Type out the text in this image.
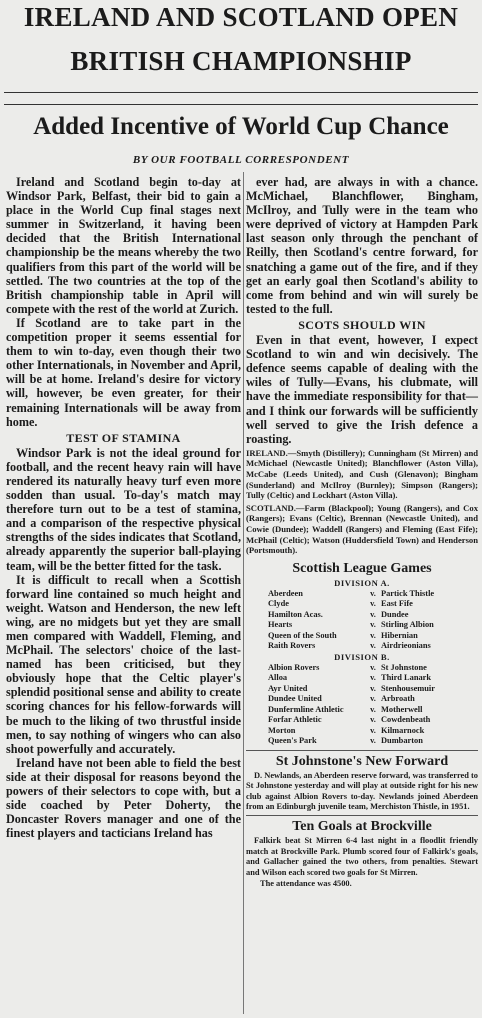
IRELAND AND SCOTLAND OPEN
BRITISH CHAMPIONSHIP
Added Incentive of World Cup Chance
BY OUR FOOTBALL CORRESPONDENT

Ireland and Scotland begin to-day at Windsor Park, Belfast, their bid to gain a place in the World Cup final stages next summer in Switzerland, it having been decided that the British International championship be the means whereby the two qualifiers from this part of the world will be settled. The two countries at the top of the British championship table in April will compete with the rest of the world at Zurich.

If Scotland are to take part in the competition proper it seems essential for them to win to-day, even though their two other Internationals, in November and April, will be at home. Ireland's desire for victory will, however, be even greater, for their remaining Internationals will be away from home.

TEST OF STAMINA

Windsor Park is not the ideal ground for football, and the recent heavy rain will have rendered its naturally heavy turf even more sodden than usual. To-day's match may therefore turn out to be a test of stamina, and a comparison of the respective physical strengths of the sides indicates that Scotland, already apparently the superior ball-playing team, will be the better fitted for the task.

It is difficult to recall when a Scottish forward line contained so much height and weight. Watson and Henderson, the new left wing, are no midgets but yet they are small men compared with Waddell, Fleming, and McPhail. The selectors' choice of the last-named has been criticised, but they obviously hope that the Celtic player's splendid positional sense and ability to create scoring chances for his fellow-forwards will be much to the liking of two thrustful inside men, to say nothing of wingers who can also shoot powerfully and accurately.

Ireland have not been able to field the best side at their disposal for reasons beyond the powers of their selectors to cope with, but a side coached by Peter Doherty, the Doncaster Rovers manager and one of the finest players and tacticians Ireland has

ever had, are always in with a chance. McMichael, Blanchflower, Bingham, McIlroy, and Tully were in the team who were deprived of victory at Hampden Park last season only through the penchant of Reilly, then Scotland's centre forward, for snatching a game out of the fire, and if they get an early goal then Scotland's ability to come from behind and win will surely be tested to the full.

SCOTS SHOULD WIN

Even in that event, however, I expect Scotland to win and win decisively. The defence seems capable of dealing with the wiles of Tully—Evans, his clubmate, will have the immediate responsibility for that—and I think our forwards will be sufficiently well served to give the Irish defence a roasting.

IRELAND.—Smyth (Distillery); Cunningham (St Mirren) and McMichael (Newcastle United); Blanchflower (Aston Villa), McCabe (Leeds United), and Cush (Glenavon); Bingham (Sunderland) and McIlroy (Burnley); Simpson (Rangers); Tully (Celtic) and Lockhart (Aston Villa).
SCOTLAND.—Farm (Blackpool); Young (Rangers), and Cox (Rangers); Evans (Celtic), Brennan (Newcastle United), and Cowie (Dundee); Waddell (Rangers) and Fleming (East Fife); McPhail (Celtic); Watson (Huddersfield Town) and Henderson (Portsmouth).
Scottish League Games
DIVISION A.
Aberdeen	v. Partick Thistle
Clyde	v. East Fife
Hamilton Acas.	v. Dundee
Hearts	v. Stirling Albion
Queen of the South	v. Hibernian
Raith Rovers	v. Airdrieonians
DIVISION B.
Albion Rovers	v. St Johnstone
Alloa	v. Third Lanark
Ayr United	v. Stenhousemuir
Dundee United	v. Arbroath
Dunfermline Athletic	v. Motherwell
Forfar Athletic	v. Cowdenbeath
Morton	v. Kilmarnock
Queen's Park	v. Dumbarton
St Johnstone's New Forward

D. Newlands, an Aberdeen reserve forward, was transferred to St Johnstone yesterday and will play at outside right for his new club against Albion Rovers to-day. Newlands joined Aberdeen from an Edinburgh juvenile team, Merchiston Thistle, in 1951.

Ten Goals at Brockville

Falkirk beat St Mirren 6-4 last night in a floodlit friendly match at Brockville Park. Plumb scored four of Falkirk's goals, and Gallacher gained the two others, from penalties. Stewart and Wilson each scored two goals for St Mirren.

The attendance was 4500.
